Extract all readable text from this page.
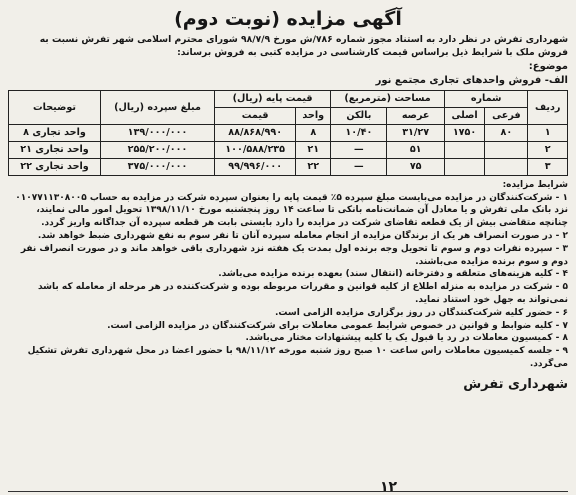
آگهی مزایده (نوبت دوم)
شهرداری تفرش در نظر دارد به استناد مجوز شماره ۷۸۶/ش مورخ ۹۸/۷/۹ شورای محترم اسلامی شهر تفرش نسبت به فروش ملک با شرایط ذیل براساس قیمت کارشناسی در مزایده کتبی به فروش برساند:
موضوع:
الف- فروش واحدهای تجاری مجتمع نور
ردیف	شماره		مساحت (مترمربع)		قیمت پایه (ریال)		مبلغ سپرده (ریال)	توضیحات
	فرعی	اصلی	عرصه	بالکن	واحد	قیمت		
۱	۸۰	۱۷۵۰	۳۱/۲۷	۱۰/۴۰	۸	۸۸/۸۶۸/۹۹۰	۱۳۹/۰۰۰/۰۰۰	واحد تجاری ۸
۲			۵۱	—	۲۱	۱۰۰/۵۸۸/۲۳۵	۲۵۵/۲۰۰/۰۰۰	واحد تجاری ۲۱
۳			۷۵	—	۲۲	۹۹/۹۹۶/۰۰۰	۳۷۵/۰۰۰/۰۰۰	واحد تجاری ۲۲
شرایط مزایده:

۱ - شرکت‌کنندگان در مزایده می‌بایست مبلغ سپرده ۵٪ قیمت پایه را بعنوان سپرده شرکت در مزایده به حساب ۰۱۰۷۷۱۱۳۰۸۰۰۵ نزد بانک ملی تفرش و یا معادل آن ضمانت‌نامه بانکی تا ساعت ۱۴ روز پنجشنبه مورخ ۱۳۹۸/۱۱/۱۰ تحویل امور مالی نمایند، چنانچه متقاضی بیش از یک قطعه تقاضای شرکت در مزایده را دارد بایستی بابت هر قطعه سپرده آن جداگانه واریز گردد.

۲ - در صورت انصراف هر یک از برندگان مزایده از انجام معامله سپرده آنان تا نفر سوم به نفع شهرداری ضبط خواهد شد.

۳ - سپرده نفرات دوم و سوم تا تحویل وجه برنده اول بمدت یک هفته نزد شهرداری باقی خواهد ماند و در صورت انصراف نفر دوم و سوم برنده مزایده می‌باشند.

۴ - کلیه هزینه‌های متعلقه و دفترخانه (انتقال سند) بعهده برنده مزایده می‌باشد.

۵ - شرکت در مزایده به منزله اطلاع از کلیه قوانین و مقررات مربوطه بوده و شرکت‌کننده در هر مرحله از معامله که باشد نمی‌تواند به جهل خود استناد نماید.

۶ - حضور کلیه شرکت‌کنندگان در روز برگزاری مزایده الزامی است.

۷ - کلیه ضوابط و قوانین در خصوص شرایط عمومی معاملات برای شرکت‌کنندگان در مزایده الزامی است.

۸ - کمیسیون معاملات در رد یا قبول یک یا کلیه پیشنهادات مختار می‌باشد.

۹ - جلسه کمیسیون معاملات راس ساعت ۱۰ صبح روز شنبه مورخه ۹۸/۱۱/۱۲ با حضور اعضا در محل شهرداری تفرش تشکیل می‌گردد.

شهرداری تفرش
۱۲
